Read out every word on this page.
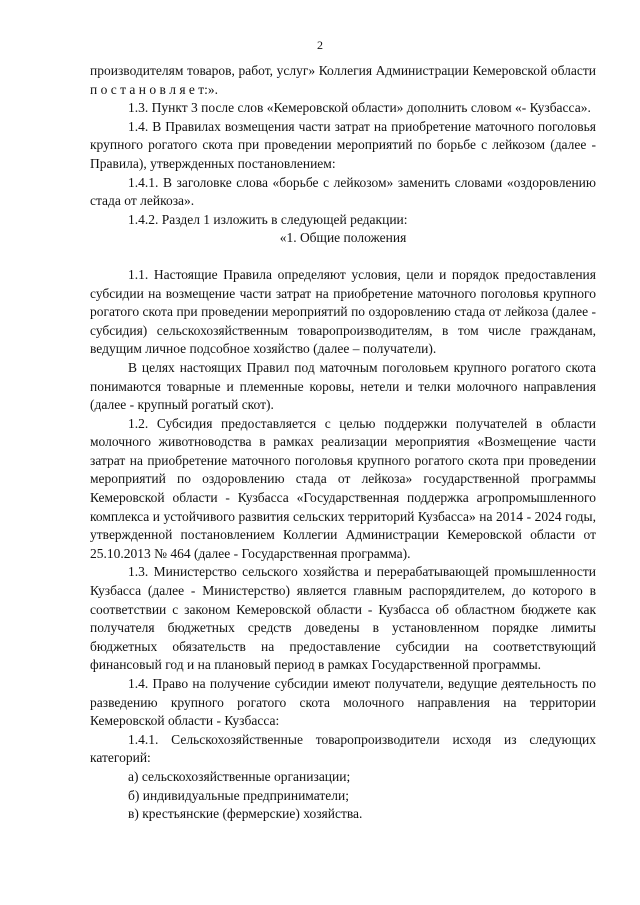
2

производителям товаров, работ, услуг» Коллегия Администрации Кемеровской области п о с т а н о в л я е т:».

1.3. Пункт 3 после слов «Кемеровской области» дополнить словом «- Кузбасса».

1.4. В Правилах возмещения части затрат на приобретение маточного поголовья крупного рогатого скота при проведении мероприятий по борьбе с лейкозом (далее - Правила), утвержденных постановлением:

1.4.1. В заголовке слова «борьбе с лейкозом» заменить словами «оздоровлению стада от лейкоза».

1.4.2. Раздел 1 изложить в следующей редакции:

«1. Общие положения

1.1. Настоящие Правила определяют условия, цели и порядок предоставления субсидии на возмещение части затрат на приобретение маточного поголовья крупного рогатого скота при проведении мероприятий по оздоровлению стада от лейкоза (далее - субсидия) сельскохозяйственным товаропроизводителям, в том числе гражданам, ведущим личное подсобное хозяйство (далее – получатели).

В целях настоящих Правил под маточным поголовьем крупного рогатого скота понимаются товарные и племенные коровы, нетели и телки молочного направления (далее - крупный рогатый скот).

1.2. Субсидия предоставляется с целью поддержки получателей в области молочного животноводства в рамках реализации мероприятия «Возмещение части затрат на приобретение маточного поголовья крупного рогатого скота при проведении мероприятий по оздоровлению стада от лейкоза» государственной программы Кемеровской области - Кузбасса «Государственная поддержка агропромышленного комплекса и устойчивого развития сельских территорий Кузбасса» на 2014 - 2024 годы, утвержденной постановлением Коллегии Администрации Кемеровской области от 25.10.2013 № 464 (далее - Государственная программа).

1.3. Министерство сельского хозяйства и перерабатывающей промышленности Кузбасса (далее - Министерство) является главным распорядителем, до которого в соответствии с законом Кемеровской области - Кузбасса об областном бюджете как получателя бюджетных средств доведены в установленном порядке лимиты бюджетных обязательств на предоставление субсидии на соответствующий финансовый год и на плановый период в рамках Государственной программы.

1.4. Право на получение субсидии имеют получатели, ведущие деятельность по разведению крупного рогатого скота молочного направления на территории Кемеровской области - Кузбасса:

1.4.1. Сельскохозяйственные товаропроизводители исходя из следующих категорий:

а) сельскохозяйственные организации;

б) индивидуальные предприниматели;

в) крестьянские (фермерские) хозяйства.
